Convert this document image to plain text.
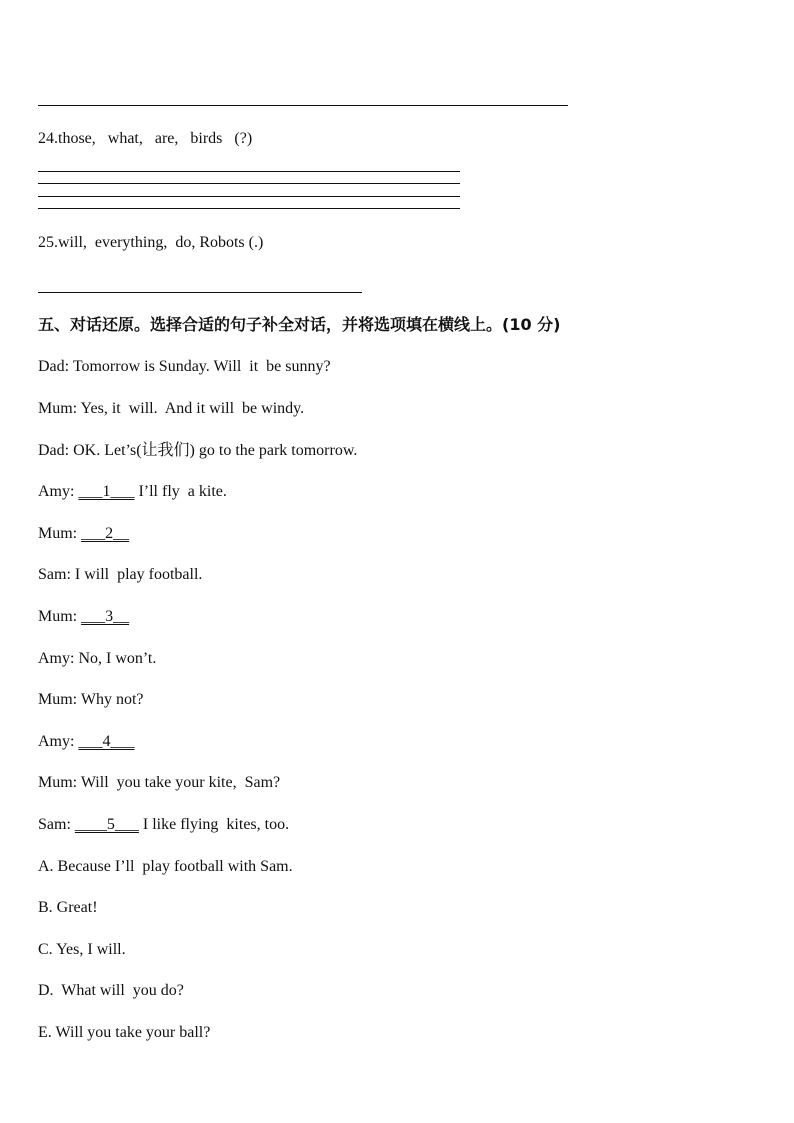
24.those,   what,   are,   birds   (?)
25.will,  everything,  do, Robots (.)
五、对话还原。选择合适的句子补全对话，并将选项填在横线上。(10 分)
Dad: Tomorrow is Sunday. Will  it  be sunny?
Mum: Yes, it  will.  And it will  be windy.
Dad: OK. Let’s(让我们) go to the park tomorrow.
Amy: ___1___ I’ll fly  a kite.
Mum: ___2__
Sam: I will  play football.
Mum: ___3__
Amy: No, I won’t.
Mum: Why not?
Amy: ___4___
Mum: Will  you take your kite,  Sam?
Sam: ____5___ I like flying  kites, too.
A. Because I’ll  play football with Sam.
B. Great!
C. Yes, I will.
D.  What will  you do?
E. Will you take your ball?
